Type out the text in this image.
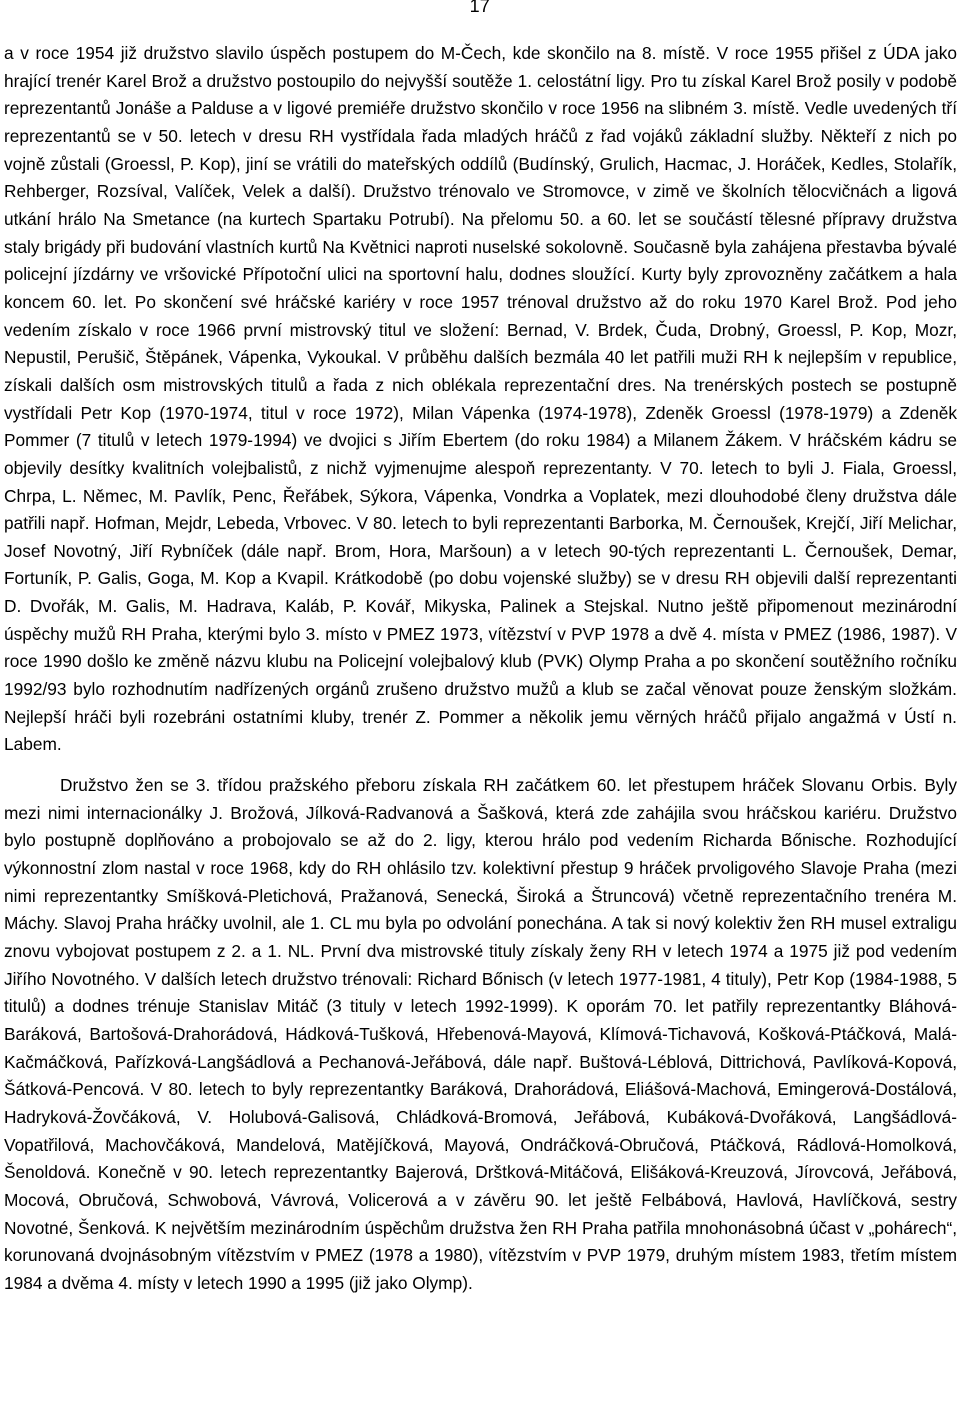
17

a v roce 1954 již družstvo slavilo úspěch postupem do M-Čech, kde skončilo na 8. místě. V roce 1955 přišel z ÚDA jako hrající trenér Karel Brož a družstvo postoupilo do nejvyšší soutěže 1. celostátní ligy. Pro tu získal Karel Brož posily v podobě reprezentantů Jonáše a Palduse a v ligové premiéře družstvo skončilo v roce 1956 na slibném 3. místě. Vedle uvedených tří reprezentantů se v 50. letech v dresu RH vystřídala řada mladých hráčů z řad vojáků základní služby. Někteří z nich po vojně zůstali (Groessl, P. Kop), jiní se vrátili do mateřských oddílů (Budínský, Grulich, Hacmac, J. Horáček, Kedles, Stolařík, Rehberger, Rozsíval, Valíček, Velek a další). Družstvo trénovalo ve Stromovce, v zimě ve školních tělocvičnách a ligová utkání hrálo Na Smetance (na kurtech Spartaku Potrubí). Na přelomu 50. a 60. let se součástí tělesné přípravy družstva staly brigády při budování vlastních kurtů Na Květnici naproti nuselské sokolovně. Současně byla zahájena přestavba bývalé policejní jízdárny ve vršovické Přípotoční ulici na sportovní halu, dodnes sloužící. Kurty byly zprovozněny začátkem a hala koncem 60. let. Po skončení své hráčské kariéry v roce 1957 trénoval družstvo až do roku 1970 Karel Brož. Pod jeho vedením získalo v roce 1966 první mistrovský titul ve složení: Bernad, V. Brdek, Čuda, Drobný, Groessl, P. Kop, Mozr, Nepustil, Perušič, Štěpánek, Vápenka, Vykoukal. V průběhu dalších bezmála 40 let patřili muži RH k nejlepším v republice, získali dalších osm mistrovských titulů a řada z nich oblékala reprezentační dres. Na trenérských postech se postupně vystřídali Petr Kop (1970-1974, titul v roce 1972), Milan Vápenka (1974-1978), Zdeněk Groessl (1978-1979) a Zdeněk Pommer (7 titulů v letech 1979-1994) ve dvojici s Jiřím Ebertem (do roku 1984) a Milanem Žákem. V hráčském kádru se objevily desítky kvalitních volejbalistů, z nichž vyjmenujme alespoň reprezentanty. V 70. letech to byli J. Fiala, Groessl, Chrpa, L. Němec, M. Pavlík, Penc, Řeřábek, Sýkora, Vápenka, Vondrka a Voplatek, mezi dlouhodobé členy družstva dále patřili např. Hofman, Mejdr, Lebeda, Vrbovec. V 80. letech to byli reprezentanti Barborka, M. Černoušek, Krejčí, Jiří Melichar, Josef Novotný, Jiří Rybníček (dále např. Brom, Hora, Maršoun) a v letech 90-tých reprezentanti L. Černoušek, Demar, Fortuník, P. Galis, Goga, M. Kop a Kvapil. Krátkodobě (po dobu vojenské služby) se v dresu RH objevili další reprezentanti D. Dvořák, M. Galis, M. Hadrava, Kaláb, P. Kovář, Mikyska, Palinek a Stejskal. Nutno ještě připomenout mezinárodní úspěchy mužů RH Praha, kterými bylo 3. místo v PMEZ 1973, vítězství v PVP 1978 a dvě 4. místa v PMEZ (1986, 1987). V roce 1990 došlo ke změně názvu klubu na Policejní volejbalový klub (PVK) Olymp Praha a po skončení soutěžního ročníku 1992/93 bylo rozhodnutím nadřízených orgánů zrušeno družstvo mužů a klub se začal věnovat pouze ženským složkám. Nejlepší hráči byli rozebráni ostatními kluby, trenér Z. Pommer a několik jemu věrných hráčů přijalo angažmá v Ústí n. Labem.

Družstvo žen se 3. třídou pražského přeboru získala RH začátkem 60. let přestupem hráček Slovanu Orbis. Byly mezi nimi internacionálky J. Brožová, Jílková-Radvanová a Šašková, která zde zahájila svou hráčskou kariéru. Družstvo bylo postupně doplňováno a probojovalo se až do 2. ligy, kterou hrálo pod vedením Richarda Bőnische. Rozhodující výkonnostní zlom nastal v roce 1968, kdy do RH ohlásilo tzv. kolektivní přestup 9 hráček prvoligového Slavoje Praha (mezi nimi reprezentantky Smíšková-Pletichová, Pražanová, Senecká, Široká a Štruncová) včetně reprezentačního trenéra M. Máchy. Slavoj Praha hráčky uvolnil, ale 1. CL mu byla po odvolání ponechána. A tak si nový kolektiv žen RH musel extraligu znovu vybojovat postupem z 2. a 1. NL. První dva mistrovské tituly získaly ženy RH v letech 1974 a 1975 již pod vedením Jiřího Novotného. V dalších letech družstvo trénovali: Richard Bőnisch (v letech 1977-1981, 4 tituly), Petr Kop (1984-1988, 5 titulů) a dodnes trénuje Stanislav Mitáč (3 tituly v letech 1992-1999). K oporám 70. let patřily reprezentantky Bláhová-Baráková, Bartošová-Drahorádová, Hádková-Tušková, Hřebenová-Mayová, Klímová-Tichavová, Košková-Ptáčková, Malá-Kačmáčková, Pařízková-Langšádlová a Pechanová-Jeřábová, dále např. Buštová-Léblová, Dittrichová, Pavlíková-Kopová, Šátková-Pencová. V 80. letech to byly reprezentantky Baráková, Drahorádová, Eliášová-Machová, Emingerová-Dostálová, Hadryková-Žovčáková, V. Holubová-Galisová, Chládková-Bromová, Jeřábová, Kubáková-Dvořáková, Langšádlová-Vopatřilová, Machovčáková, Mandelová, Matějíčková, Mayová, Ondráčková-Obručová, Ptáčková, Rádlová-Homolková, Šenoldová. Konečně v 90. letech reprezentantky Bajerová, Drštková-Mitáčová, Elišáková-Kreuzová, Jírovcová, Jeřábová, Mocová, Obručová, Schwobová, Vávrová, Volicerová a v závěru 90. let ještě Felbábová, Havlová, Havlíčková, sestry Novotné, Šenková. K největším mezinárodním úspěchům družstva žen RH Praha patřila mnohonásobná účast v „pohárech“, korunovaná dvojnásobným vítězstvím v PMEZ (1978 a 1980), vítězstvím v PVP 1979, druhým místem 1983, třetím místem 1984 a dvěma 4. místy v letech 1990 a 1995 (již jako Olymp).
